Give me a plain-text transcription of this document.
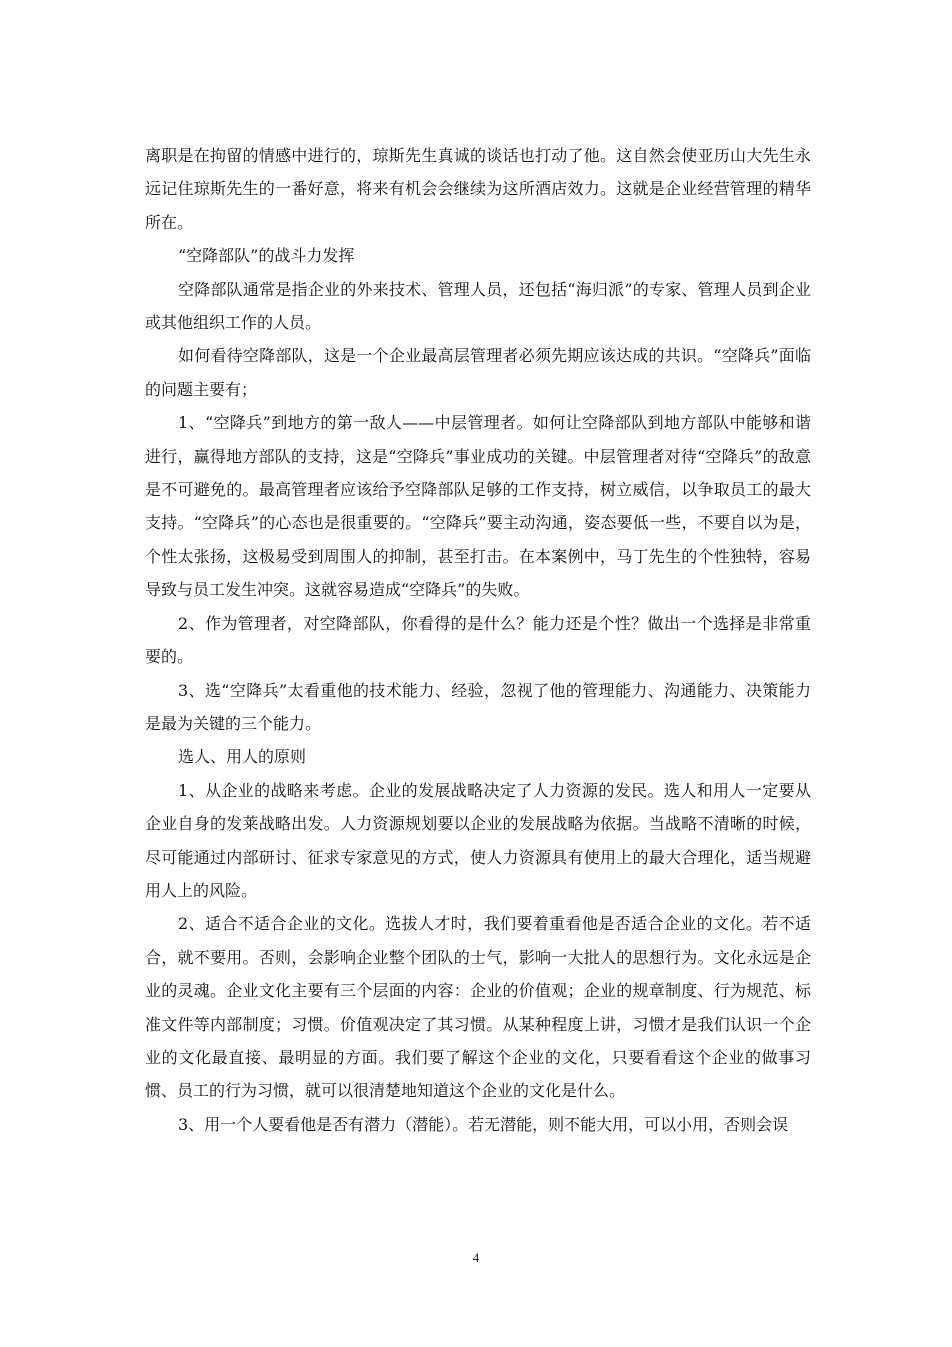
离职是在拘留的情感中进行的，琼斯先生真诚的谈话也打动了他。这自然会使亚历山大先生永远记住琼斯先生的一番好意，将来有机会会继续为这所酒店效力。这就是企业经营管理的精华所在。

“空降部队”的战斗力发挥

空降部队通常是指企业的外来技术、管理人员，还包括“海归派”的专家、管理人员到企业或其他组织工作的人员。

如何看待空降部队，这是一个企业最高层管理者必须先期应该达成的共识。“空降兵”面临的问题主要有；

1、“空降兵”到地方的第一敌人——中层管理者。如何让空降部队到地方部队中能够和谐进行，赢得地方部队的支持，这是“空降兵”事业成功的关键。中层管理者对待“空降兵”的敌意是不可避免的。最高管理者应该给予空降部队足够的工作支持，树立威信，以争取员工的最大支持。“空降兵”的心态也是很重要的。“空降兵”要主动沟通，姿态要低一些，不要自以为是，个性太张扬，这极易受到周围人的抑制，甚至打击。在本案例中，马丁先生的个性独特，容易导致与员工发生冲突。这就容易造成“空降兵”的失败。

2、作为管理者，对空降部队，你看得的是什么？能力还是个性？做出一个选择是非常重要的。

3、选“空降兵”太看重他的技术能力、经验，忽视了他的管理能力、沟通能力、决策能力是最为关键的三个能力。

选人、用人的原则

1、从企业的战略来考虑。企业的发展战略决定了人力资源的发民。选人和用人一定要从企业自身的发莱战略出发。人力资源规划要以企业的发展战略为依据。当战略不清晰的时候，尽可能通过内部研讨、征求专家意见的方式，使人力资源具有使用上的最大合理化，适当规避用人上的风险。

2、适合不适合企业的文化。选拔人才时，我们要着重看他是否适合企业的文化。若不适合，就不要用。否则，会影响企业整个团队的士气，影响一大批人的思想行为。文化永远是企业的灵魂。企业文化主要有三个层面的内容：企业的价值观；企业的规章制度、行为规范、标准文件等内部制度；习惯。价值观决定了其习惯。从某种程度上讲，习惯才是我们认识一个企业的文化最直接、最明显的方面。我们要了解这个企业的文化，只要看看这个企业的做事习惯、员工的行为习惯，就可以很清楚地知道这个企业的文化是什么。

3、用一个人要看他是否有潜力（潜能）。若无潜能，则不能大用，可以小用，否则会误

4
